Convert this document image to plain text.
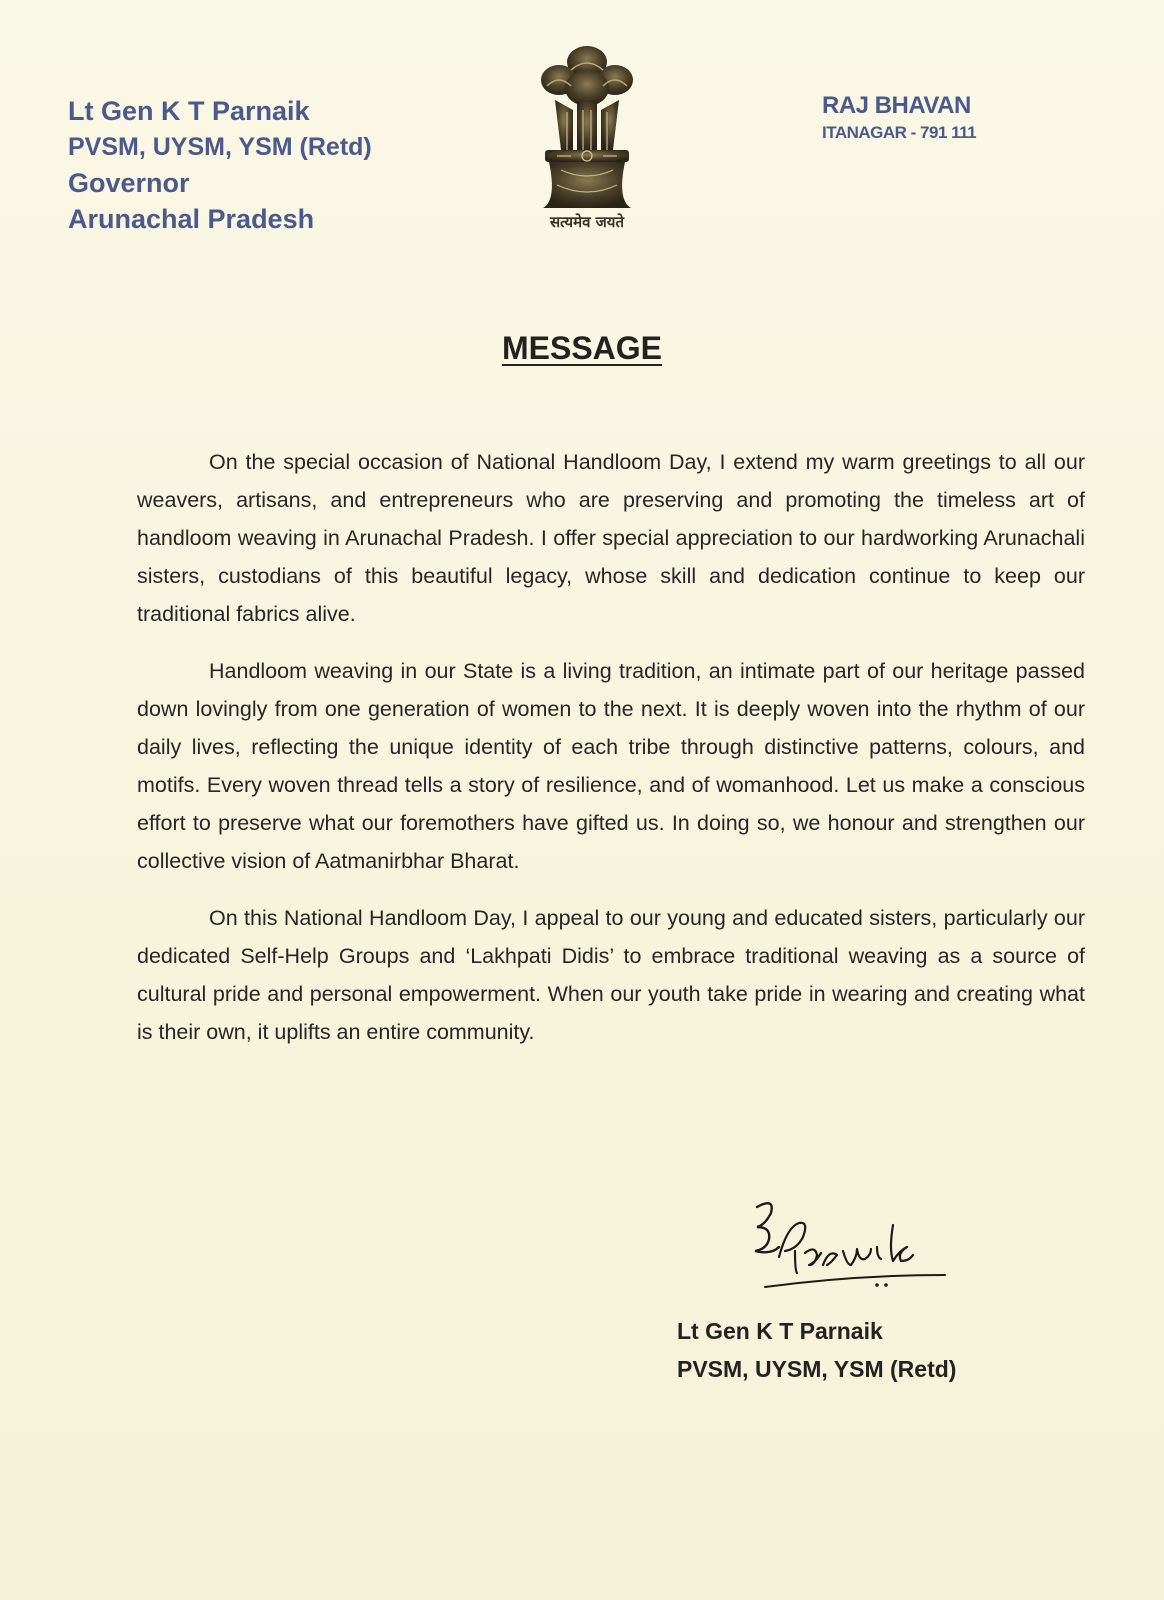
Lt Gen K T Parnaik
PVSM, UYSM, YSM (Retd)
Governor
Arunachal Pradesh	सत्यमेव जयते
RAJ BHAVAN
ITANAGAR - 791 111
MESSAGE

On the special occasion of National Handloom Day, I extend my warm greetings to all our weavers, artisans, and entrepreneurs who are preserving and promoting the timeless art of handloom weaving in Arunachal Pradesh. I offer special appreciation to our hardworking Arunachali sisters, custodians of this beautiful legacy, whose skill and dedication continue to keep our traditional fabrics alive.

Handloom weaving in our State is a living tradition, an intimate part of our heritage passed down lovingly from one generation of women to the next. It is deeply woven into the rhythm of our daily lives, reflecting the unique identity of each tribe through distinctive patterns, colours, and motifs. Every woven thread tells a story of resilience, and of womanhood. Let us make a conscious effort to preserve what our foremothers have gifted us. In doing so, we honour and strengthen our collective vision of Aatmanirbhar Bharat.

On this National Handloom Day, I appeal to our young and educated sisters, particularly our dedicated Self-Help Groups and ‘Lakhpati Didis’ to embrace traditional weaving as a source of cultural pride and personal empowerment. When our youth take pride in wearing and creating what is their own, it uplifts an entire community.

Lt Gen K T Parnaik
PVSM, UYSM, YSM (Retd)
